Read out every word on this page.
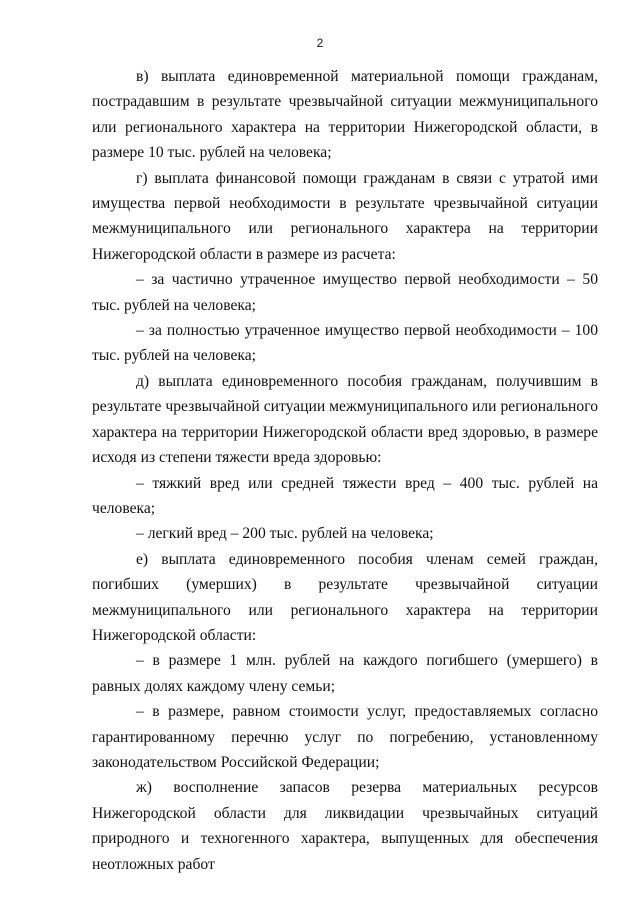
2

в) выплата единовременной материальной помощи гражданам, пострадавшим в результате чрезвычайной ситуации межмуниципального или регионального характера на территории Нижегородской области, в размере 10 тыс. рублей на человека;

г) выплата финансовой помощи гражданам в связи с утратой ими имущества первой необходимости в результате чрезвычайной ситуации межмуниципального или регионального характера на территории Нижегородской области в размере из расчета:

– за частично утраченное имущество первой необходимости – 50 тыс. рублей на человека;

– за полностью утраченное имущество первой необходимости – 100 тыс. рублей на человека;

д) выплата единовременного пособия гражданам, получившим в результате чрезвычайной ситуации межмуниципального или регионального характера на территории Нижегородской области вред здоровью, в размере исходя из степени тяжести вреда здоровью:

– тяжкий вред или средней тяжести вред – 400 тыс. рублей на человека;

– легкий вред – 200 тыс. рублей на человека;

е) выплата единовременного пособия членам семей граждан, погибших (умерших) в результате чрезвычайной ситуации межмуниципального или регионального характера на территории Нижегородской области:

– в размере 1 млн. рублей на каждого погибшего (умершего) в равных долях каждому члену семьи;

– в размере, равном стоимости услуг, предоставляемых согласно гарантированному перечню услуг по погребению, установленному законодательством Российской Федерации;

ж) восполнение запасов резерва материальных ресурсов Нижегородской области для ликвидации чрезвычайных ситуаций природного и техногенного характера, выпущенных для обеспечения неотложных работ
